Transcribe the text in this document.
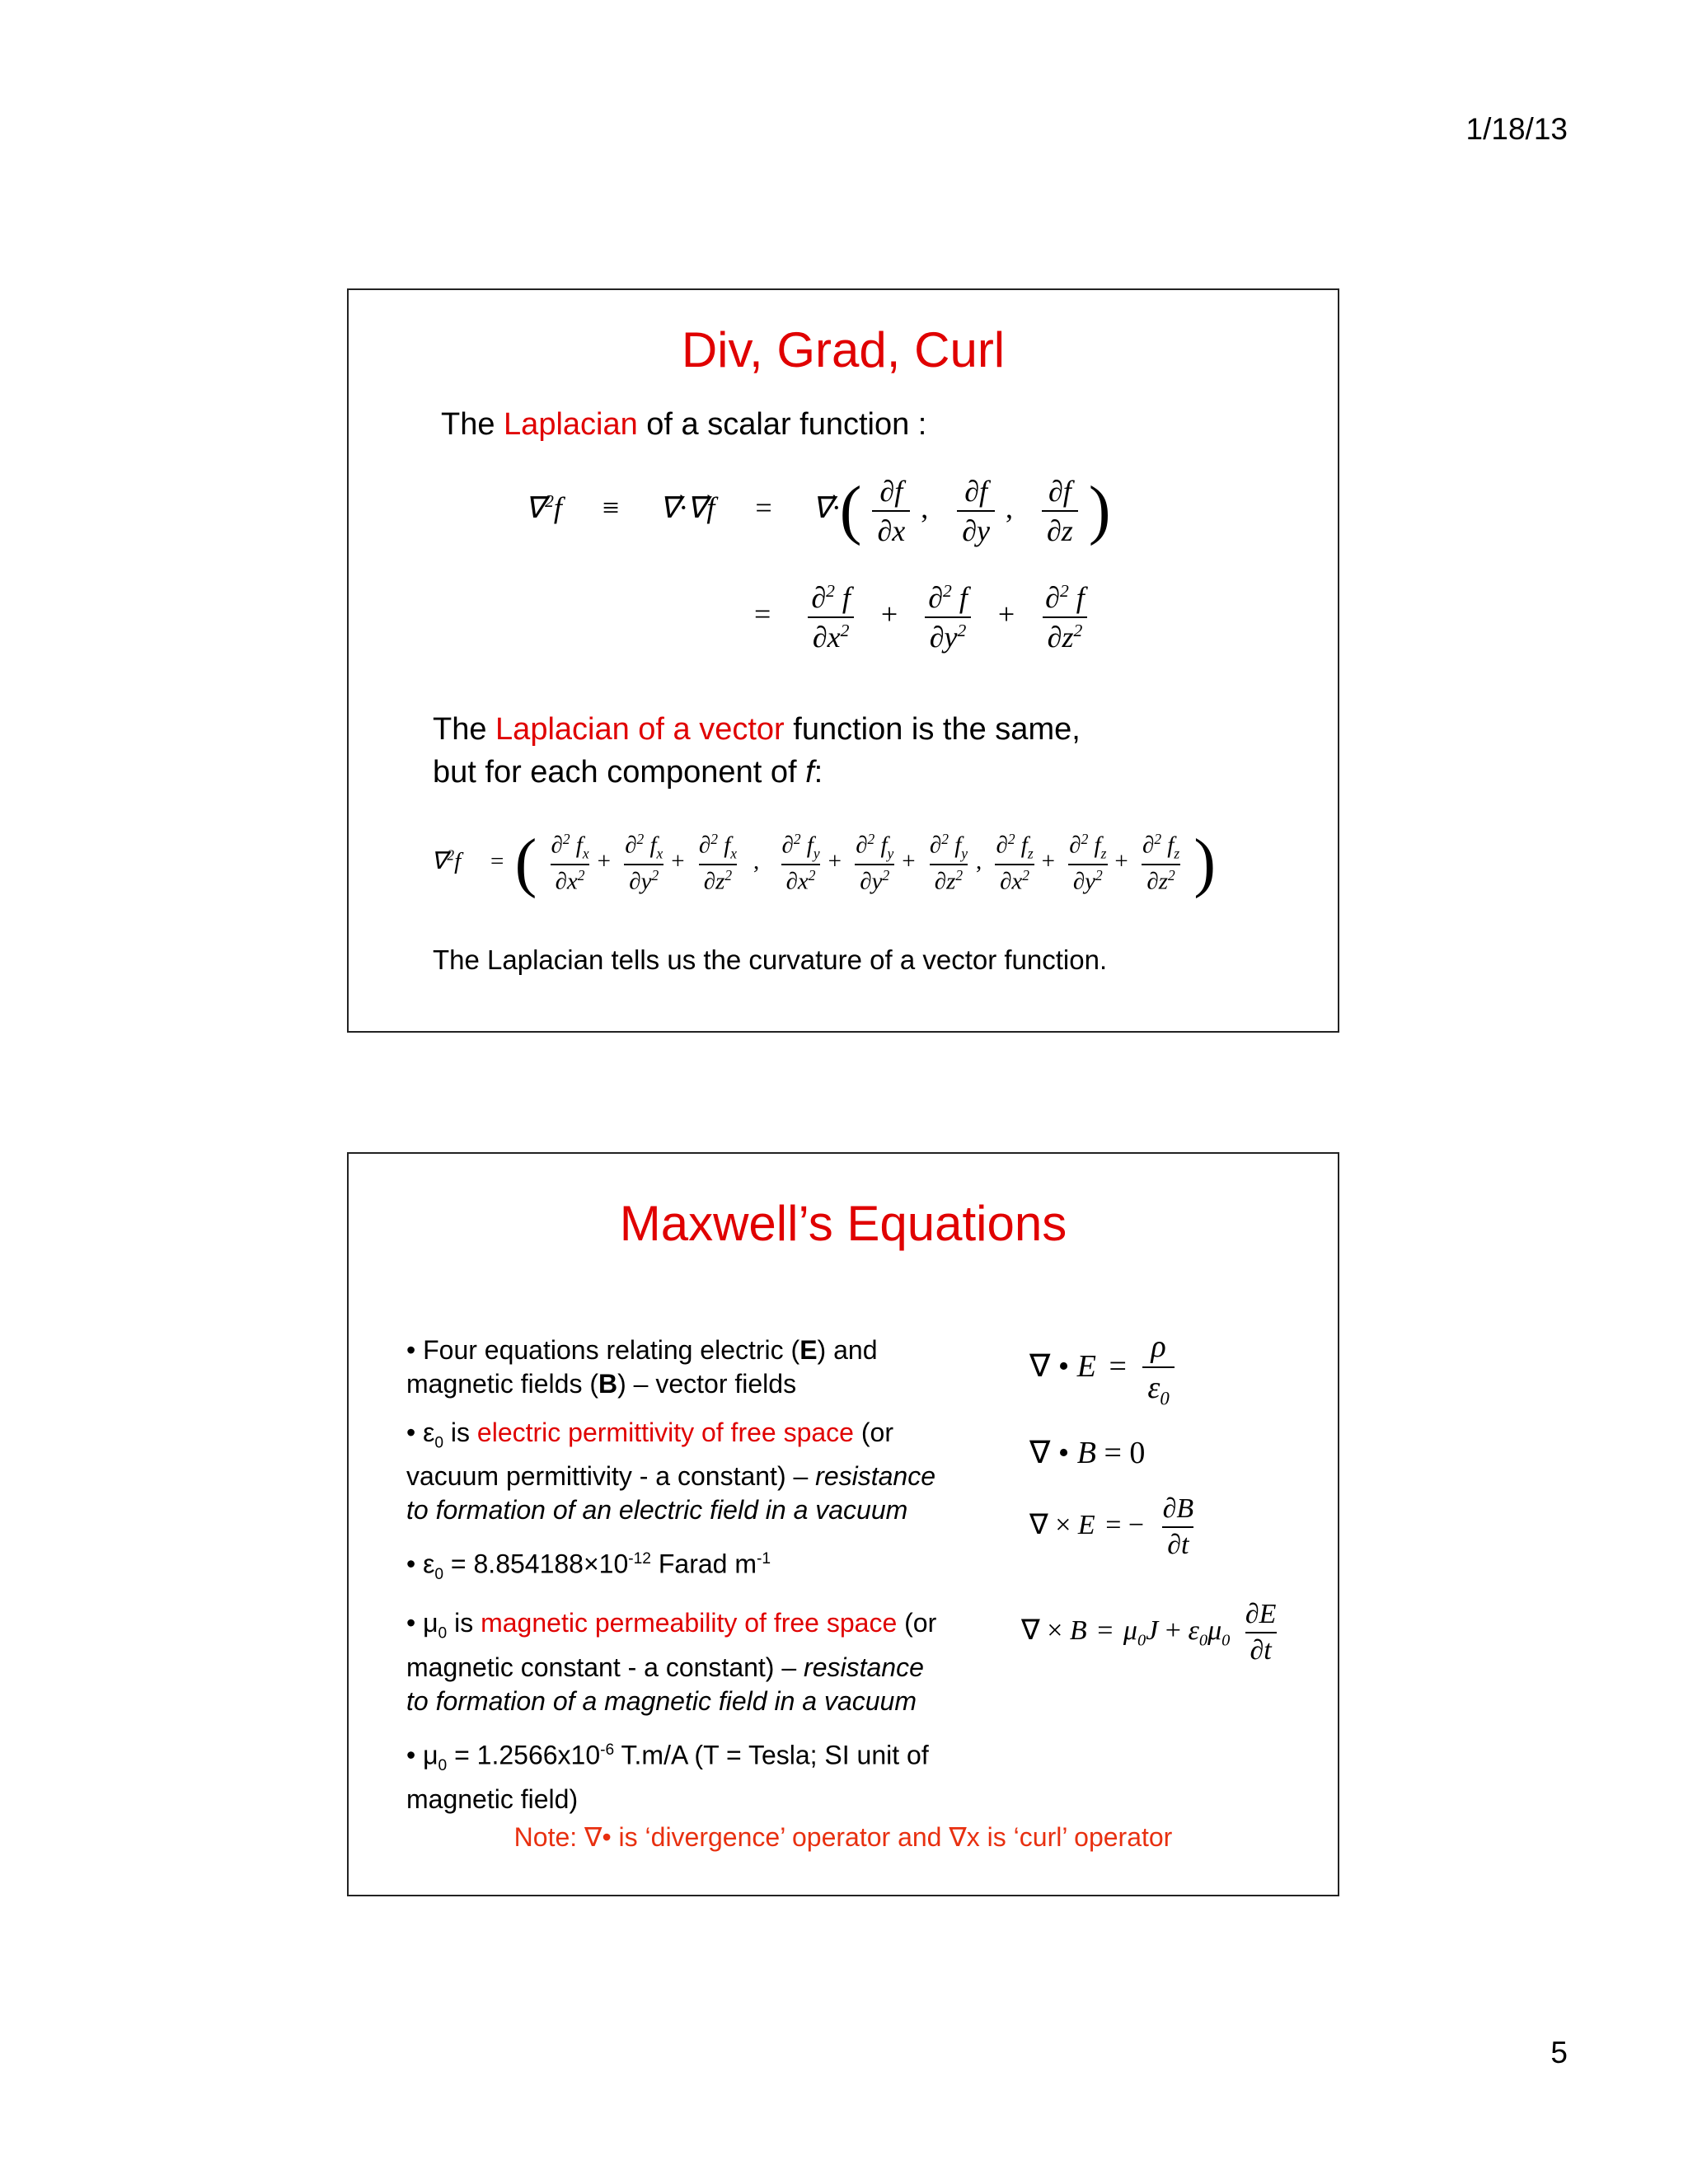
1/18/13
Div, Grad, Curl
The Laplacian of a scalar function :
∇$^2$f ≡ ∇⃗·∇⃗f = ∇⃗·( $\frac{\partial f}{\partial x}$ , $\frac{\partial f}{\partial y}$ , $\frac{\partial f}{\partial z}$ )
= $\frac{\partial^2 f}{\partial x^2} + \frac{\partial^2 f}{\partial y^2} + \frac{\partial^2 f}{\partial z^2}$
The Laplacian of a vector function is the same,
but for each component of f:
∇$^2$f⃗ = ( $\frac{\partial^2 f_x}{\partial x^2} + \frac{\partial^2 f_x}{\partial y^2} + \frac{\partial^2 f_x}{\partial z^2}$ , $\frac{\partial^2 f_y}{\partial x^2} + \frac{\partial^2 f_y}{\partial y^2} + \frac{\partial^2 f_y}{\partial z^2}$ , $\frac{\partial^2 f_z}{\partial x^2} + \frac{\partial^2 f_z}{\partial y^2} + \frac{\partial^2 f_z}{\partial z^2}$ )
The Laplacian tells us the curvature of a vector function.
Maxwell’s Equations
• Four equations relating electric (E) and
magnetic fields (B) – vector fields
• $\varepsilon_0$ is electric permittivity of free space (or
vacuum permittivity - a constant) – resistance
to formation of an electric field in a vacuum
• $\varepsilon_0 = 8.854188\times 10^{-12}$ Farad $m^{-1}$
• $\mu_0$ is magnetic permeability of free space (or
magnetic constant - a constant) – resistance
to formation of a magnetic field in a vacuum
• $\mu_0 = 1.2566x10^{-6}$ T.m/A (T = Tesla; SI unit of
magnetic field)
∇ • $E = \frac{\rho}{\varepsilon_0}$
∇ • B = 0
∇ × E = − $\frac{\partial B}{\partial t}$
∇ × $B = \mu_0J + \varepsilon_0\mu_0 \frac{\partial E}{\partial t}$
Note: ∇• is ‘divergence’ operator and ∇x is ‘curl’ operator
5
